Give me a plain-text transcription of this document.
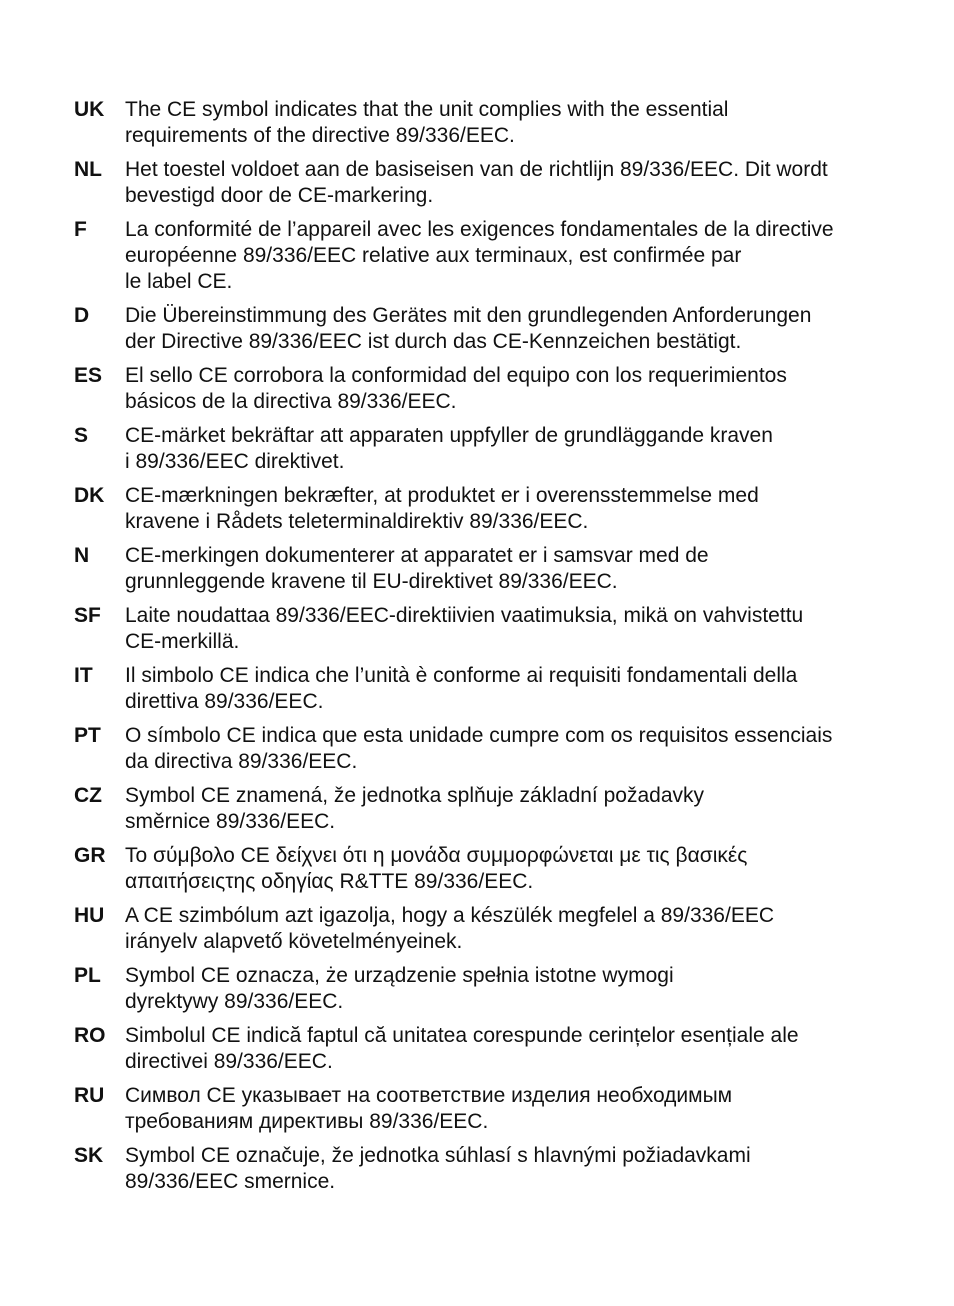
UK The CE symbol indicates that the unit complies with the essential
requirements of the directive 89/336/EEC.
NL	Het toestel voldoet aan de basiseisen van de richtlijn 89/336/EEC. Dit wordt
bevestigd door de CE-markering.
F	La conformité de l’appareil avec les exigences fondamentales de la directive
européenne 89/336/EEC relative aux terminaux, est confirmée par
le label CE.
D	Die Übereinstimmung des Gerätes mit den grundlegenden Anforderungen
der Directive 89/336/EEC ist durch das CE-Kennzeichen bestätigt.
ES	El sello CE corrobora la conformidad del equipo con los requerimientos
básicos de la directiva 89/336/EEC.
S	CE-märket bekräftar att apparaten uppfyller de grundläggande kraven
i 89/336/EEC direktivet.
DK CE-mærkningen bekræfter, at produktet er i overensstemmelse med
kravene i Rådets teleterminaldirektiv 89/336/EEC.
N	CE-merkingen dokumenterer at apparatet er i samsvar med de
grunnleggende kravene til EU-direktivet 89/336/EEC.
SF	Laite noudattaa 89/336/EEC-direktiivien vaatimuksia, mikä on vahvistettu
CE-merkillä.
IT	Il simbolo CE indica che l’unità è conforme ai requisiti fondamentali della
direttiva 89/336/EEC.
PT	O símbolo CE indica que esta unidade cumpre com os requisitos essenciais
da directiva 89/336/EEC.
CZ	Symbol CE znamená, že jednotka splňuje základní požadavky
směrnice 89/336/EEC.
GR Το σύμβολο CE δείχνει ότι η μονάδα συμμορφώνεται με τις βασικές
απαιτήσειςτης οδηγίας R&TTE 89/336/EEC.
HU A CE szimbólum azt igazolja, hogy a készülék megfelel a 89/336/EEC
irányelv alapvető követelményeinek.
PL	Symbol CE oznacza, że urządzenie spełnia istotne wymogi
dyrektywy 89/336/EEC.
RO Simbolul CE indică faptul că unitatea corespunde cerințelor esențiale ale
directivei 89/336/EEC.
RU Символ CE указывает на соответствие изделия необходимым
требованиям директивы 89/336/EEC.
SK	Symbol CE označuje, že jednotka súhlasí s hlavnými požiadavkami
89/336/EEC smernice.
